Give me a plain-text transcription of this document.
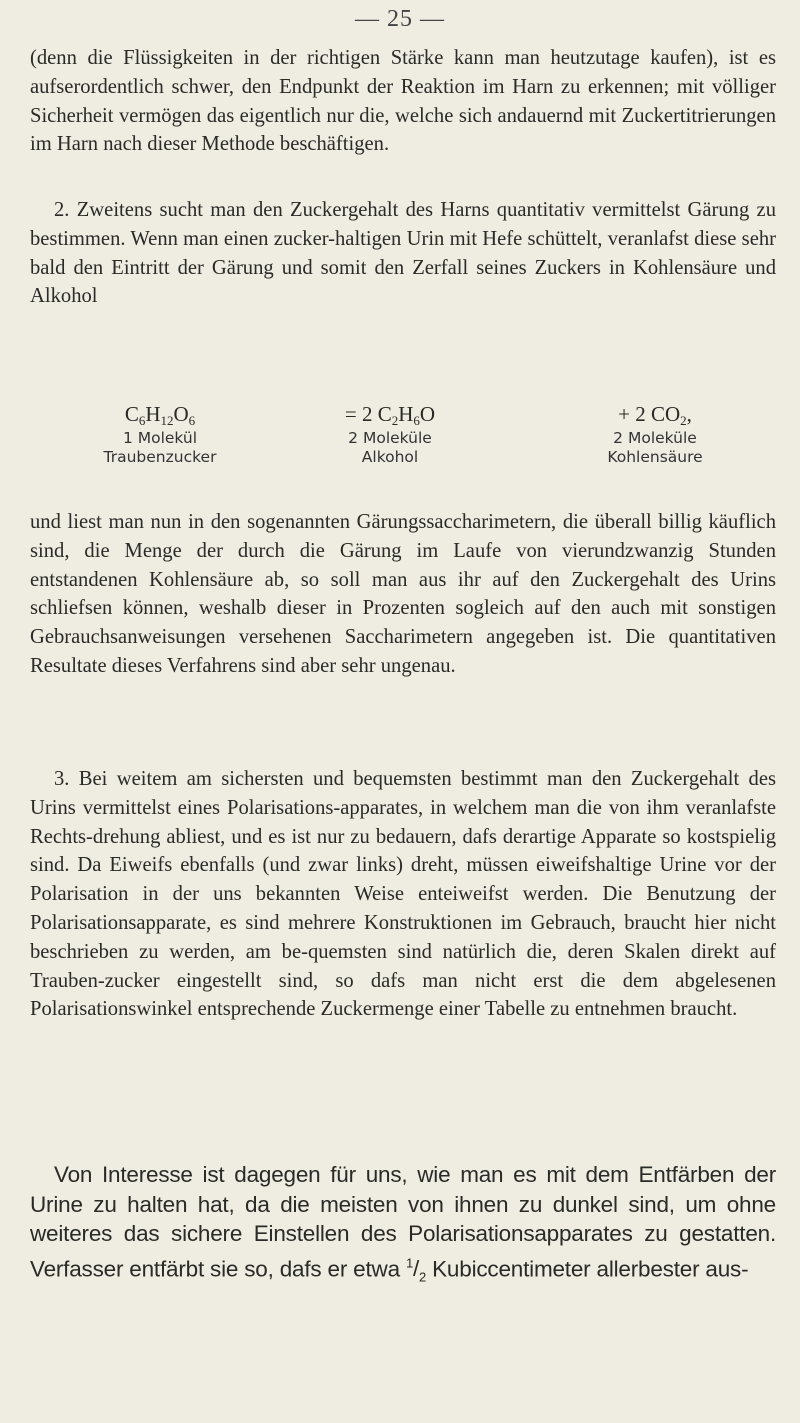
— 25 —

(denn die Flüssigkeiten in der richtigen Stärke kann man heutzutage kaufen), ist es aufserordentlich schwer, den Endpunkt der Reaktion im Harn zu erkennen; mit völliger Sicherheit vermögen das eigentlich nur die, welche sich andauernd mit Zuckertitrierungen im Harn nach dieser Methode beschäftigen.

2. Zweitens sucht man den Zuckergehalt des Harns quantitativ vermittelst Gärung zu bestimmen. Wenn man einen zucker-haltigen Urin mit Hefe schüttelt, veranlafst diese sehr bald den Eintritt der Gärung und somit den Zerfall seines Zuckers in Kohlensäure und Alkohol

$C_6H_{12}O_6$
1 Molekül
Traubenzucker
= 2 $C_2H_6O$
2 Moleküle
Alkohol
+ 2 $CO_2$,
2 Moleküle
Kohlensäure

und liest man nun in den sogenannten Gärungssaccharimetern, die überall billig käuflich sind, die Menge der durch die Gärung im Laufe von vierundzwanzig Stunden entstandenen Kohlensäure ab, so soll man aus ihr auf den Zuckergehalt des Urins schliefsen können, weshalb dieser in Prozenten sogleich auf den auch mit sonstigen Gebrauchsanweisungen versehenen Saccharimetern angegeben ist. Die quantitativen Resultate dieses Verfahrens sind aber sehr ungenau.

3. Bei weitem am sichersten und bequemsten bestimmt man den Zuckergehalt des Urins vermittelst eines Polarisations-apparates, in welchem man die von ihm veranlafste Rechts-drehung abliest, und es ist nur zu bedauern, dafs derartige Apparate so kostspielig sind. Da Eiweifs ebenfalls (und zwar links) dreht, müssen eiweifshaltige Urine vor der Polarisation in der uns bekannten Weise enteiweifst werden. Die Benutzung der Polarisationsapparate, es sind mehrere Konstruktionen im Gebrauch, braucht hier nicht beschrieben zu werden, am be-quemsten sind natürlich die, deren Skalen direkt auf Trauben-zucker eingestellt sind, so dafs man nicht erst die dem abgelesenen Polarisationswinkel entsprechende Zuckermenge einer Tabelle zu entnehmen braucht.

Von Interesse ist dagegen für uns, wie man es mit dem Entfärben der Urine zu halten hat, da die meisten von ihnen zu dunkel sind, um ohne weiteres das sichere Einstellen des Polarisationsapparates zu gestatten. Verfasser entfärbt sie so, dafs er etwa $^1/_2$ Kubiccentimeter allerbester aus-
